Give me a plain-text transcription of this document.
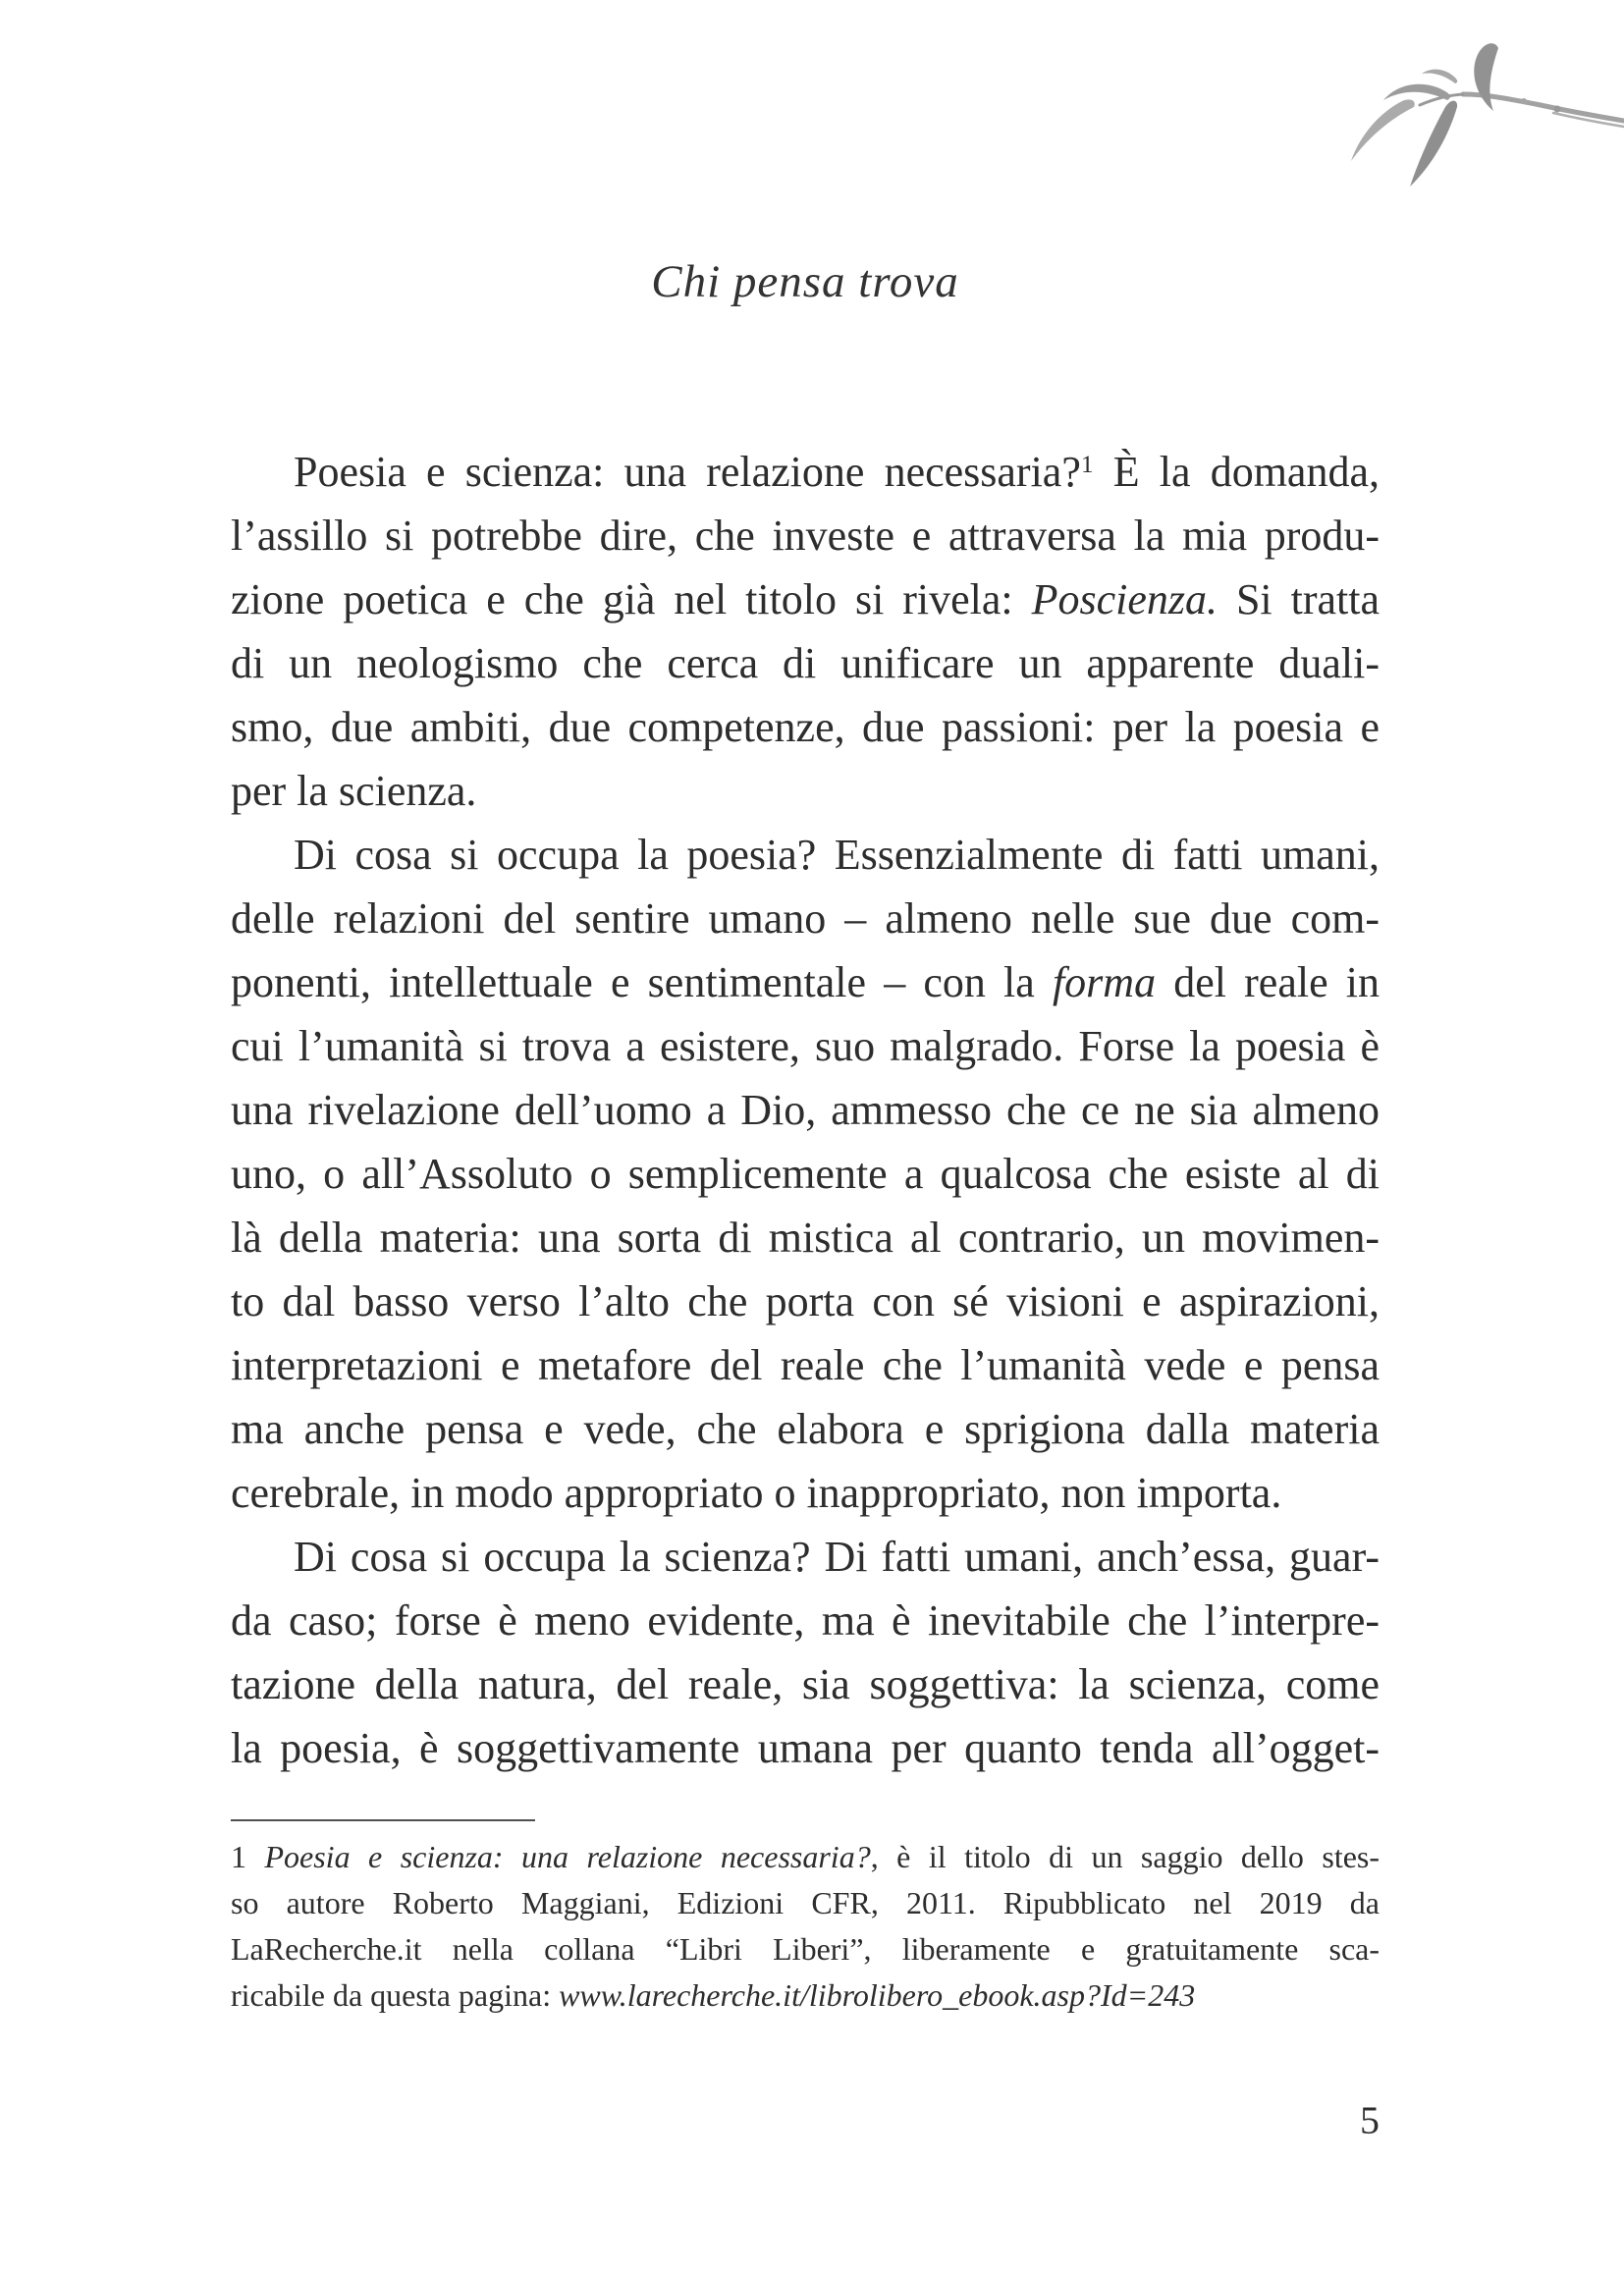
Chi pensa trova
Poesia e scienza: una relazione necessaria?$^1$ È la domanda,
l’assillo si potrebbe dire, che investe e attraversa la mia produ-
zione poetica e che già nel titolo si rivela: Poscienza. Si tratta
di un neologismo che cerca di unificare un apparente duali-
smo, due ambiti, due competenze, due passioni: per la poesia e
per la scienza.
Di cosa si occupa la poesia? Essenzialmente di fatti umani,
delle relazioni del sentire umano – almeno nelle sue due com-
ponenti, intellettuale e sentimentale – con la forma del reale in
cui l’umanità si trova a esistere, suo malgrado. Forse la poesia è
una rivelazione dell’uomo a Dio, ammesso che ce ne sia almeno
uno, o all’Assoluto o semplicemente a qualcosa che esiste al di
là della materia: una sorta di mistica al contrario, un movimen-
to dal basso verso l’alto che porta con sé visioni e aspirazioni,
interpretazioni e metafore del reale che l’umanità vede e pensa
ma anche pensa e vede, che elabora e sprigiona dalla materia
cerebrale, in modo appropriato o inappropriato, non importa.
Di cosa si occupa la scienza? Di fatti umani, anch’essa, guar-
da caso; forse è meno evidente, ma è inevitabile che l’interpre-
tazione della natura, del reale, sia soggettiva: la scienza, come
la poesia, è soggettivamente umana per quanto tenda all’ogget-
1 Poesia e scienza: una relazione necessaria?, è il titolo di un saggio dello stes-
so autore Roberto Maggiani, Edizioni CFR, 2011. Ripubblicato nel 2019 da
LaRecherche.it nella collana “Libri Liberi”, liberamente e gratuitamente sca-
ricabile da questa pagina: www.larecherche.it/librolibero_ebook.asp?Id=243
5
